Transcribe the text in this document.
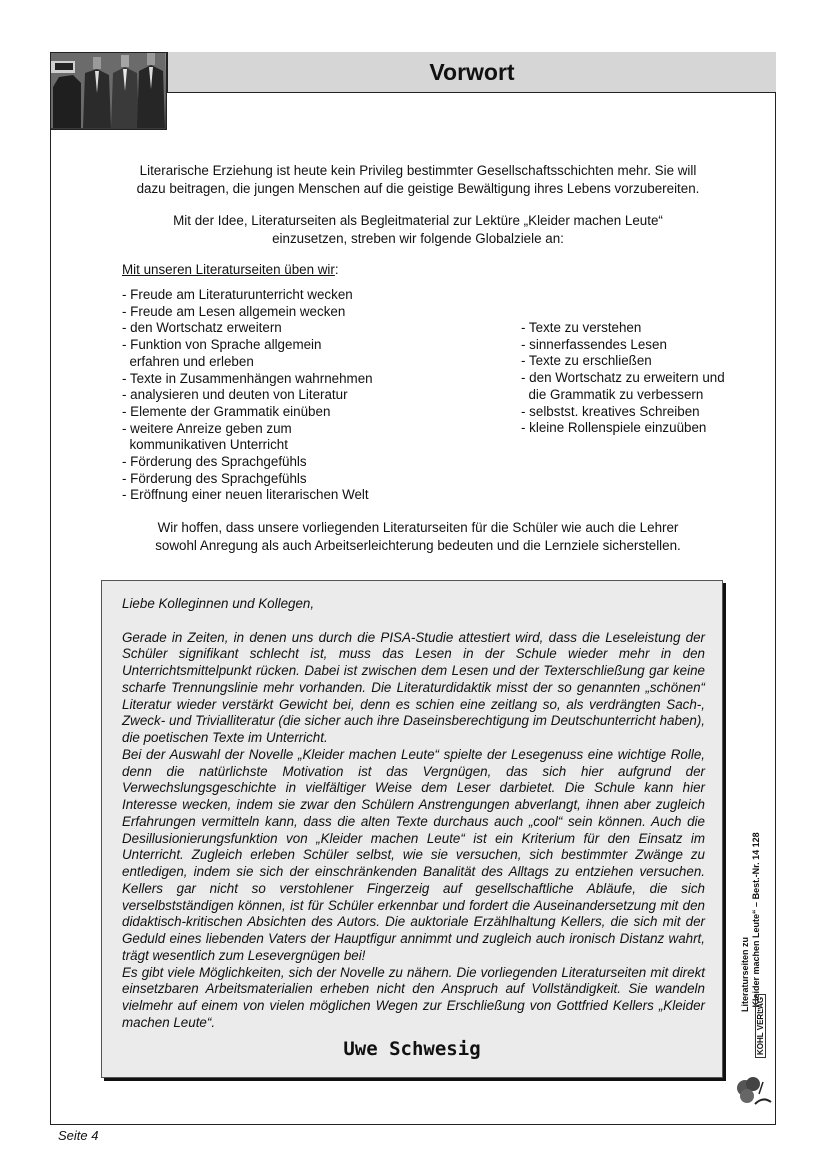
Vorwort

Literarische Erziehung ist heute kein Privileg bestimmter Gesellschaftsschichten mehr. Sie will
dazu beitragen, die jungen Menschen auf die geistige Bewältigung ihres Lebens vorzubereiten.

Mit der Idee, Literaturseiten als Begleitmaterial zur Lektüre „Kleider machen Leute“
einzusetzen, streben wir folgende Globalziele an:

Mit unseren Literaturseiten üben wir:
- Freude am Literaturunterricht wecken
- Freude am Lesen allgemein wecken
- den Wortschatz erweitern
- Funktion von Sprache allgemein
erfahren und erleben
- Texte in Zusammenhängen wahrnehmen
- analysieren und deuten von Literatur
- Elemente der Grammatik einüben
- weitere Anreize geben zum
kommunikativen Unterricht
- Förderung des Sprachgefühls
- Förderung des Sprachgefühls
- Eröffnung einer neuen literarischen Welt
- Texte zu verstehen
- sinnerfassendes Lesen
- Texte zu erschließen
- den Wortschatz zu erweitern und
die Grammatik zu verbessern
- selbstst. kreatives Schreiben
- kleine Rollenspiele einzuüben

Wir hoffen, dass unsere vorliegenden Literaturseiten für die Schüler wie auch die Lehrer
sowohl Anregung als auch Arbeitserleichterung bedeuten und die Lernziele sicherstellen.

Liebe Kolleginnen und Kollegen,

Gerade in Zeiten, in denen uns durch die PISA-Studie attestiert wird, dass die Leseleistung der Schüler signifikant schlecht ist, muss das Lesen in der Schule wieder mehr in den Unterrichtsmittelpunkt rücken. Dabei ist zwischen dem Lesen und der Texterschließung gar keine scharfe Trennungslinie mehr vorhanden. Die Literaturdidaktik misst der so genannten „schönen“ Literatur wieder verstärkt Gewicht bei, denn es schien eine zeitlang so, als verdrängten Sach-, Zweck- und Trivialliteratur (die sicher auch ihre Daseinsberechtigung im Deutschunterricht haben), die poetischen Texte im Unterricht.

Bei der Auswahl der Novelle „Kleider machen Leute“ spielte der Lesegenuss eine wichtige Rolle, denn die natürlichste Motivation ist das Vergnügen, das sich hier aufgrund der Verwechslungsgeschichte in vielfältiger Weise dem Leser darbietet. Die Schule kann hier Interesse wecken, indem sie zwar den Schülern Anstrengungen abverlangt, ihnen aber zugleich Erfahrungen vermitteln kann, dass die alten Texte durchaus auch „cool“ sein können. Auch die Desillusionierungsfunktion von „Kleider machen Leute“ ist ein Kriterium für den Einsatz im Unterricht. Zugleich erleben Schüler selbst, wie sie versuchen, sich bestimmter Zwänge zu entledigen, indem sie sich der einschränkenden Banalität des Alltags zu entziehen versuchen. Kellers gar nicht so verstohlener Fingerzeig auf gesellschaftliche Abläufe, die sich verselbstständigen können, ist für Schüler erkennbar und fordert die Auseinandersetzung mit den didaktisch-kritischen Absichten des Autors. Die auktoriale Erzählhaltung Kellers, die sich mit der Geduld eines liebenden Vaters der Hauptfigur annimmt und zugleich auch ironisch Distanz wahrt, trägt wesentlich zum Lesevergnügen bei!

Es gibt viele Möglichkeiten, sich der Novelle zu nähern. Die vorliegenden Literaturseiten mit direkt einsetzbaren Arbeitsmaterialien erheben nicht den Anspruch auf Vollständigkeit. Sie wandeln vielmehr auf einem von vielen möglichen Wegen zur Erschließung von Gottfried Kellers „Kleider machen Leute“.

Uwe Schwesig
Literaturseiten zu
„Kleider machen Leute“ – Best.-Nr. 14 128
KOHL VERLAG
Seite 4
